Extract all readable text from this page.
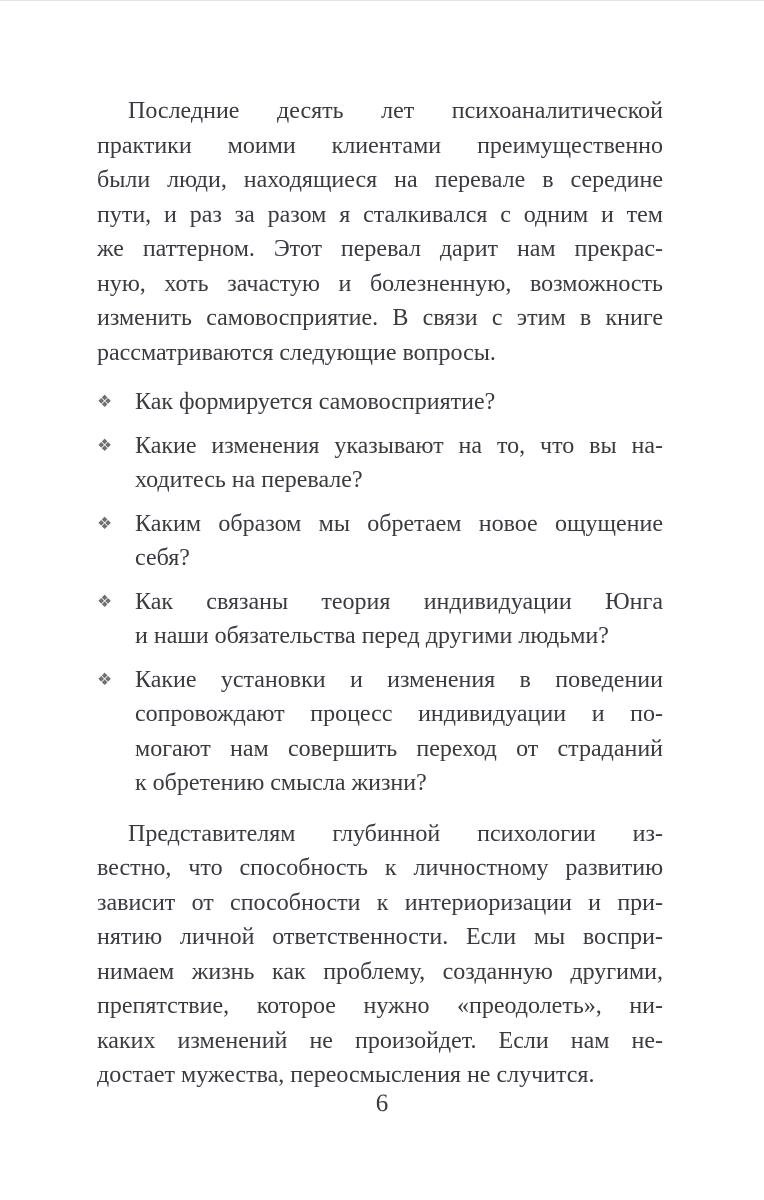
Последние десять лет психоаналитической
практики моими клиентами преимущественно
были люди, находящиеся на перевале в середине
пути, и раз за разом я сталкивался с одним и тем
же паттерном. Этот перевал дарит нам прекрас-
ную, хоть зачастую и болезненную, возможность
изменить самовосприятие. В связи с этим в книге
рассматриваются следующие вопросы.
❖ Как формируется самовосприятие?
❖ Какие изменения указывают на то, что вы на-
ходитесь на перевале?
❖ Каким образом мы обретаем новое ощущение
себя?
❖ Как связаны теория индивидуации Юнга
и наши обязательства перед другими людьми?
❖ Какие установки и изменения в поведении
сопровождают процесс индивидуации и по-
могают нам совершить переход от страданий
к обретению смысла жизни?
Представителям глубинной психологии из-
вестно, что способность к личностному развитию
зависит от способности к интериоризации и при-
нятию личной ответственности. Если мы воспри-
нимаем жизнь как проблему, созданную другими,
препятствие, которое нужно «преодолеть», ни-
каких изменений не произойдет. Если нам не-
достает мужества, переосмысления не случится.
6
